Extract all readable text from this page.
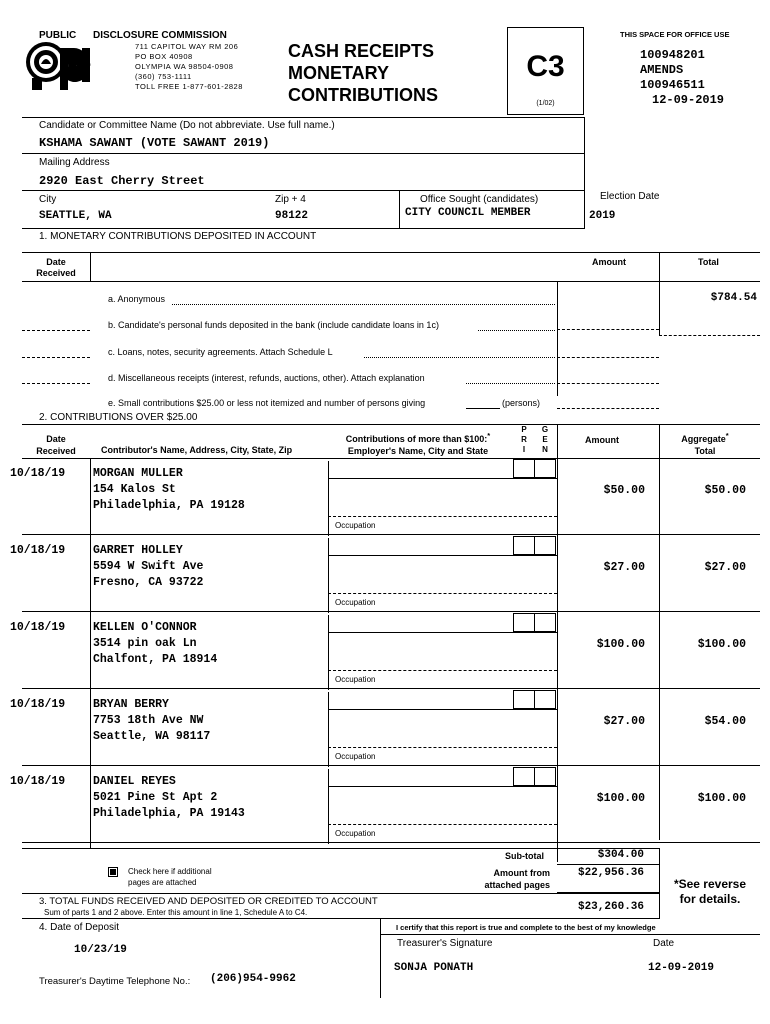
PUBLIC DISCLOSURE COMMISSION
711 CAPITOL WAY RM 206
PO BOX 40908
OLYMPIA WA 98504-0908
(360) 753-1111
TOLL FREE 1-877-601-2828
CASH RECEIPTS
MONETARY
CONTRIBUTIONS
C3
(1/02)
THIS SPACE FOR OFFICE USE
100948201
AMENDS
100946511
12-09-2019
Candidate or Committee Name (Do not abbreviate. Use full name.)
KSHAMA SAWANT (VOTE SAWANT 2019)
Mailing Address
2920 East Cherry Street
City
SEATTLE, WA
Zip + 4
98122
Office Sought (candidates)
CITY COUNCIL MEMBER
Election Date
2019
1. MONETARY CONTRIBUTIONS DEPOSITED IN ACCOUNT
Date
Received
Amount	Total
a. Anonymous	$784.54
b. Candidate's personal funds deposited in the bank (include candidate loans in 1c)
c. Loans, notes, security agreements. Attach Schedule L
d. Miscellaneous receipts (interest, refunds, auctions, other). Attach explanation
e. Small contributions $25.00 or less not itemized and number of persons giving	(persons)
2. CONTRIBUTIONS OVER $25.00
Date
Received	Contributor's Name, Address, City, State, Zip
Contributions of more than $100:*
Employer's Name, City and State
P
R
I
G
E
N
Amount	Aggregate*
Total
10/18/19 MORGAN MULLER
154 Kalos St
Philadelphia, PA 19128
$50.00	$50.00
Occupation
10/18/19 GARRET HOLLEY
5594 W Swift Ave
Fresno, CA 93722
$27.00	$27.00
Occupation
10/18/19 KELLEN O'CONNOR
3514 pin oak Ln
Chalfont, PA 18914
$100.00	$100.00
Occupation
10/18/19 BRYAN BERRY
7753 18th Ave NW
Seattle, WA 98117
$27.00	$54.00
Occupation
10/18/19 DANIEL REYES
5021 Pine St Apt 2
Philadelphia, PA 19143
$100.00	$100.00
Occupation
Sub-total	$304.00
Check here if additional
pages are attached
Amount from
attached pages
$22,956.36
3. TOTAL FUNDS RECEIVED AND DEPOSITED OR CREDITED TO ACCOUNT
Sum of parts 1 and 2 above. Enter this amount in line 1, Schedule A to C4.	$23,260.36
*See reverse
for details.
4. Date of Deposit
10/23/19
I certify that this report is true and complete to the best of my knowledge
Treasurer's Signature	Date
SONJA PONATH	12-09-2019
Treasurer's Daytime Telephone No.: (206)954-9962
